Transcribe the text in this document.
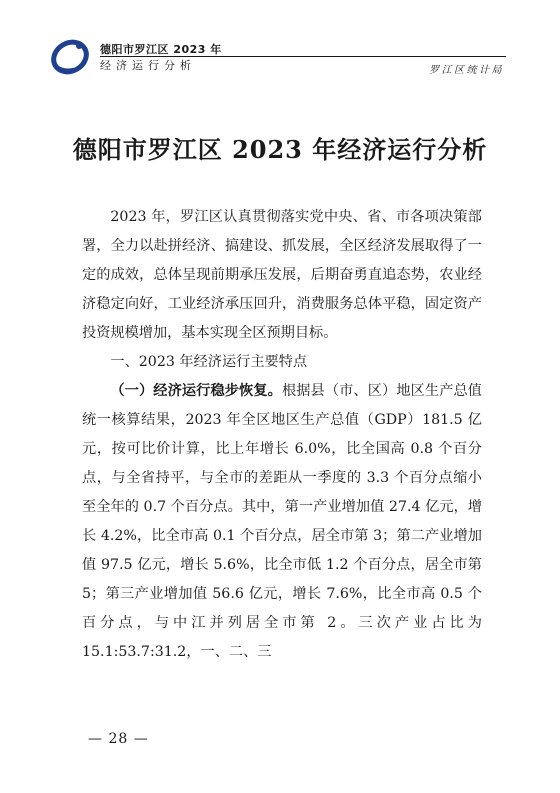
德阳市罗江区 2023 年
经济运行分析	罗江区统计局
德阳市罗江区 2023 年经济运行分析

2023 年，罗江区认真贯彻落实党中央、省、市各项决策部署，全力以赴拼经济、搞建设、抓发展，全区经济发展取得了一定的成效，总体呈现前期承压发展，后期奋勇直追态势，农业经济稳定向好，工业经济承压回升，消费服务总体平稳，固定资产投资规模增加，基本实现全区预期目标。

一、2023 年经济运行主要特点

（一）经济运行稳步恢复。根据县（市、区）地区生产总值统一核算结果，2023 年全区地区生产总值（GDP）181.5 亿元，按可比价计算，比上年增长 6.0%，比全国高 0.8 个百分点，与全省持平，与全市的差距从一季度的 3.3 个百分点缩小至全年的 0.7 个百分点。其中，第一产业增加值 27.4 亿元，增长 4.2%，比全市高 0.1 个百分点，居全市第 3；第二产业增加值 97.5 亿元，增长 5.6%，比全市低 1.2 个百分点，居全市第 5；第三产业增加值 56.6 亿元，增长 7.6%，比全市高 0.5 个百分点，与中江并列居全市第 2。三次产业占比为 15.1:53.7:31.2，一、二、三

— 28 —
